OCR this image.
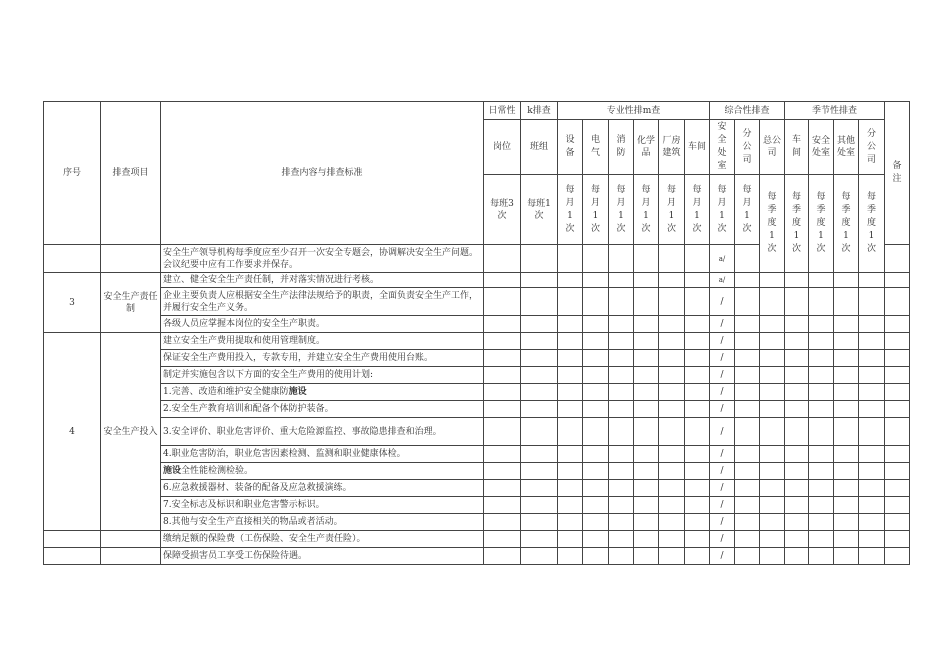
序号	排查项目	排查内容与排查标准	日常性	k排查	专业性排m查						综合性排查			季节性排查				备注

			岗位	班组	设备	电气	消防	化学品	厂房建筑	车间	安全处室	分公司	总公司	车间	安全处室	其他处室	分公司	

			每班3次	每班1次	每月1次	每月1次	每月1次	每月1次	每月1次	每月1次	每月1次	每月1次	每季度1次	每季度1次	每季度1次	每季度1次	每季度1次	

		安全生产领导机构每季度应至少召开一次安全专题会，协调解决安全生产问题。会议纪要中应有工作要求并保存。									a/							
3	安全生产责任制	建立、健全安全生产责任制，并对落实情况进行考核。									a/							
		企业主要负责人应根据安全生产法律法规给予的职责，全面负责安全生产工作，并履行安全生产义务。									/							
		各级人员应掌握本岗位的安全生产职责。									/							
4	安全生产投入	建立安全生产费用提取和使用管理制度。									/							
		保证安全生产费用投入，专款专用，并建立安全生产费用使用台账。									/							
		制定并实施包含以下方面的安全生产费用的使用计划:									/							
		1.完善、改造和维护安全健康防施设									/							
		2.安全生产教育培训和配备个体防护装备。									/							
		3.安全评价、职业危害评价、重大危险源监控、事故隐患排查和治理。									/							
		4.职业危害防治，职业危害因素检测、监测和职业健康体检。									/							
		施设全性能检测检验。									/							
		6.应急救援器材、装备的配备及应急救援演练。									/							
		7.安全标志及标识和职业危害警示标识。									/							
		8.其他与安全生产直接相关的物品或者活动。									/							
		缴纳足额的保险费（工伤保险、安全生产责任险）。									/							
		保障受损害员工享受工伤保险待遇。									/							
